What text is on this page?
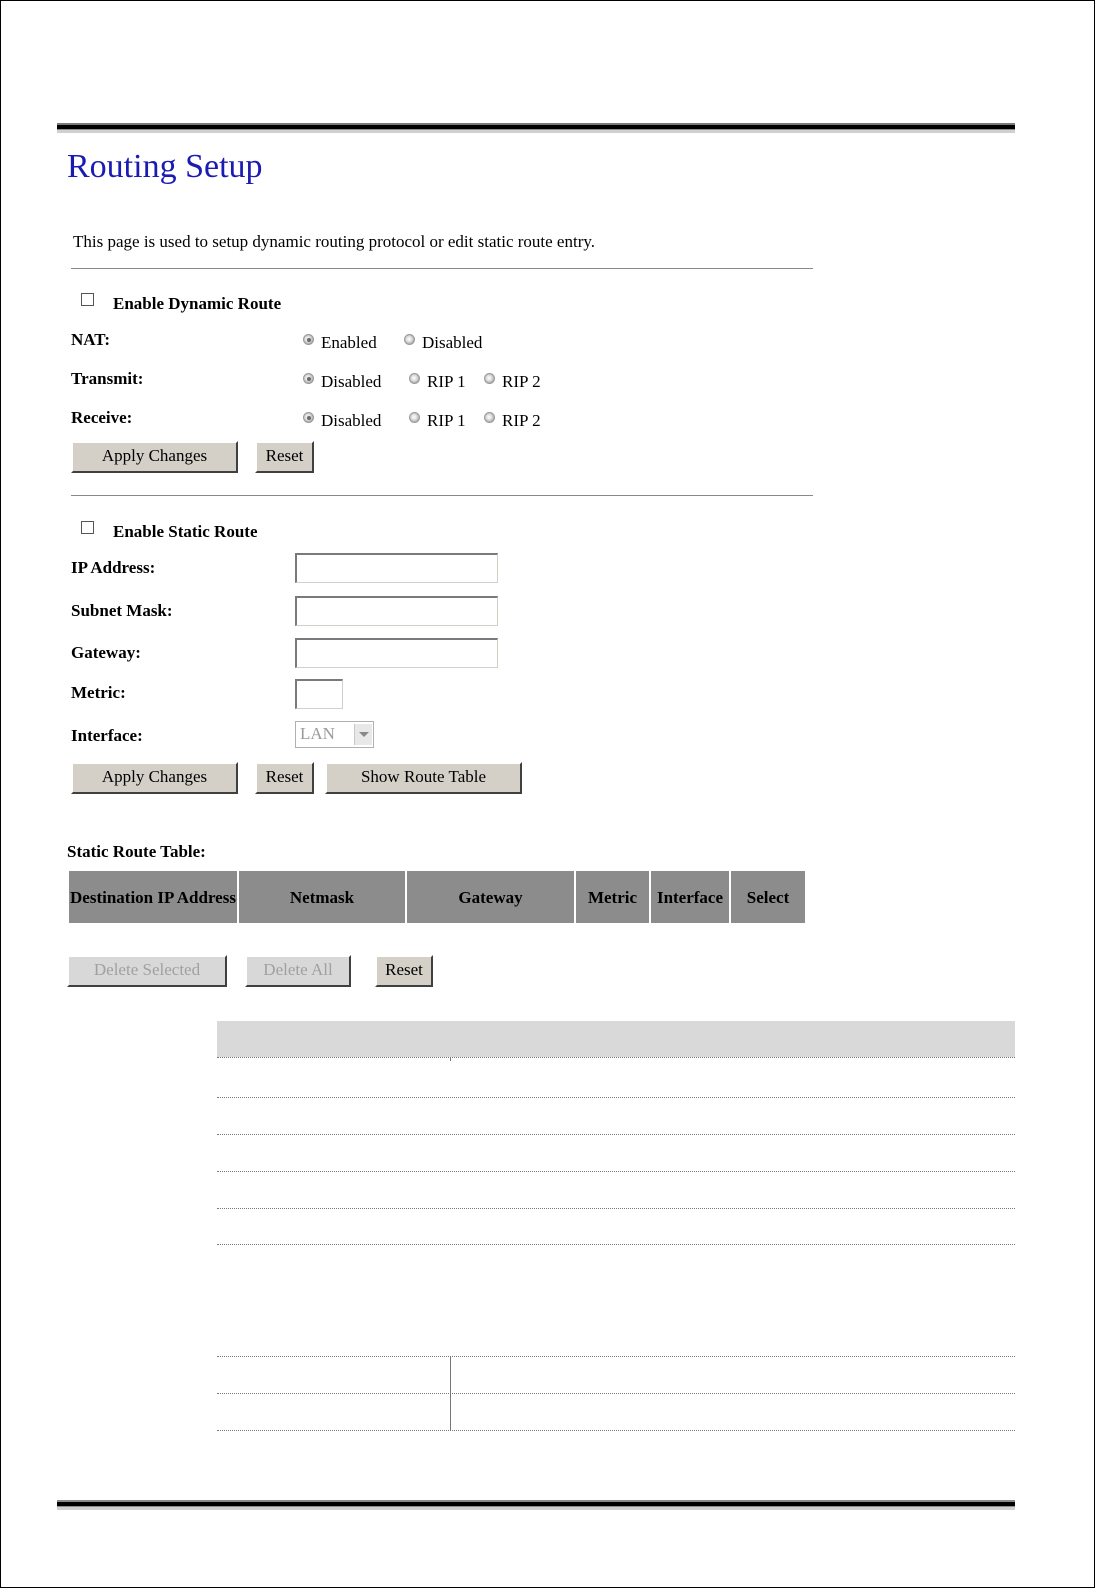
Routing Setup
This page is used to setup dynamic routing protocol or edit static route entry.
Enable Dynamic Route
NAT:	Enabled	Disabled
Transmit:	Disabled	RIP 1 RIP 2
Receive:	Disabled	RIP 1 RIP 2
Apply Changes	Reset
Enable Static Route
IP Address:
Subnet Mask:
Gateway:
Metric:
Interface:	LAN
Apply Changes	Reset	Show Route Table
Static Route Table:
Destination IP Address	Netmask	Gateway	Metric	Interface	Select
Delete Selected	Delete All	Reset
